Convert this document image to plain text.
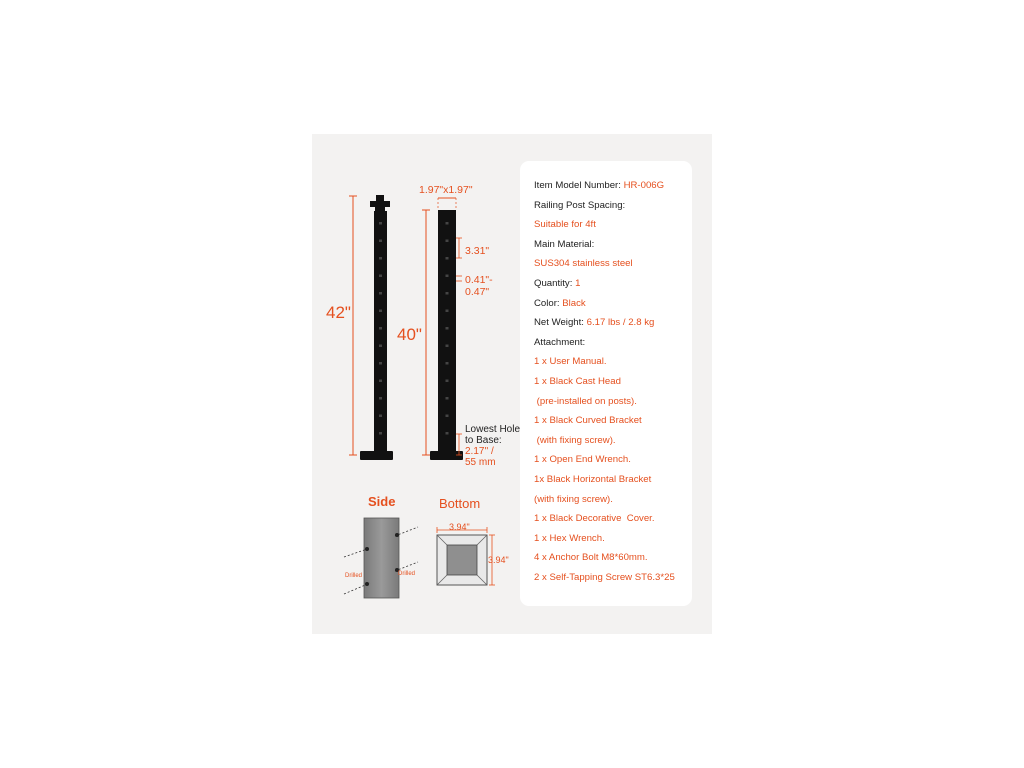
42"
40"
1.97"x1.97"
3.31"
0.41"-
0.47"
Lowest Hole
to Base:
2.17'' /
55 mm
Side	Bottom
Drilled	Drilled
3.94"
3.94"
Item Model Number: HR-006G
Railing Post Spacing:
Suitable for 4ft
Main Material:
SUS304 stainless steel
Quantity: 1
Color: Black
Net Weight: 6.17 lbs / 2.8 kg
Attachment:
1 x User Manual.
1 x Black Cast Head
(pre-installed on posts).
1 x Black Curved Bracket
(with fixing screw).
1 x Open End Wrench.
1x Black Horizontal Bracket
(with fixing screw).
1 x Black Decorative  Cover.
1 x Hex Wrench.
4 x Anchor Bolt M8*60mm.
2 x Self-Tapping Screw ST6.3*25
